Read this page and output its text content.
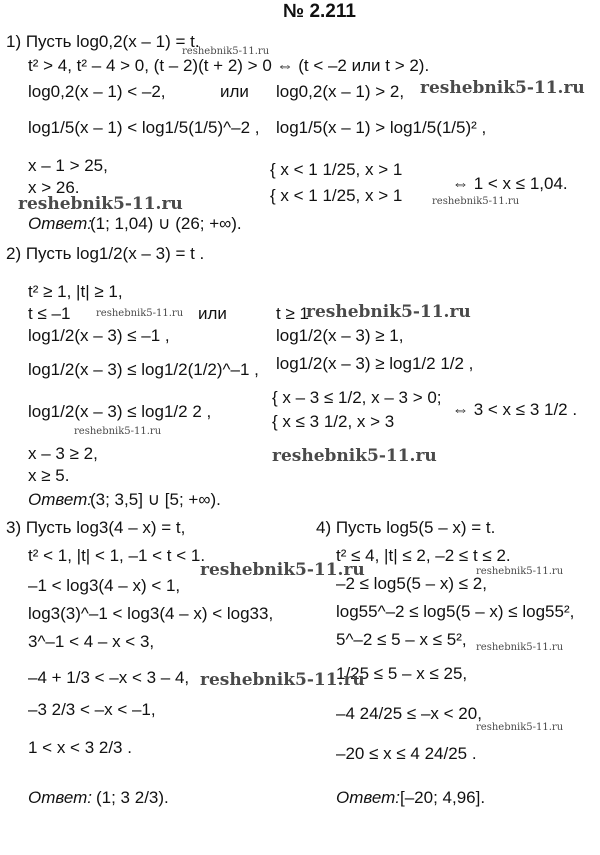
№ 2.211
1) Пусть log0,2(x – 1) = t.
t² > 4, t² – 4 > 0, (t – 2)(t + 2) > 0 ⇔ (t < –2 или t > 2).
log0,2(x – 1) < –2,	или log0,2(x – 1) > 2,
log1/5(x – 1) < log1/5(1/5)^–2 , log1/5(x – 1) > log1/5(1/5)² ,
x – 1 > 25,
x > 26.
{ x < 1 1/25, x > 1
{ x < 1 1/25, x > 1
⇔ 1 < x ≤ 1,04.
Ответ:
(1; 1,04) ∪ (26; +∞).
2) Пусть log1/2(x – 3) = t .
t² ≥ 1, |t| ≥ 1,
t ≤ –1	или	t ≥ 1
log1/2(x – 3) ≤ –1 ,	log1/2(x – 3) ≥ 1,
log1/2(x – 3) ≤ log1/2(1/2)^–1 , log1/2(x – 3) ≥ log1/2 1/2 ,
log1/2(x – 3) ≤ log1/2 2 ,
{ x – 3 ≤ 1/2, x – 3 > 0;
{ x ≤ 3 1/2, x > 3
⇔ 3 < x ≤ 3 1/2 .
x – 3 ≥ 2,
x ≥ 5.
Ответ:
(3; 3,5] ∪ [5; +∞).
3) Пусть log3(4 – x) = t,
t² < 1, |t| < 1, –1 < t < 1.
–1 < log3(4 – x) < 1,
log3(3)^–1 < log3(4 – x) < log33,
3^–1 < 4 – x < 3,
–4 + 1/3 < –x < 3 – 4,
–3 2/3 < –x < –1,
1 < x < 3 2/3 .
Ответ: (1; 3 2/3).
4) Пусть log5(5 – x) = t.
t² ≤ 4, |t| ≤ 2, –2 ≤ t ≤ 2.
–2 ≤ log5(5 – x) ≤ 2,
log55^–2 ≤ log5(5 – x) ≤ log55²,
5^–2 ≤ 5 – x ≤ 5²,
1/25 ≤ 5 – x ≤ 25,
–4 24/25 ≤ –x < 20,
–20 ≤ x ≤ 4 24/25 .
Ответ: [–20; 4,96].
reshebnik5-11.ru
reshebnik5-11.ru
reshebnik5-11.ru	reshebnik5-11.ru
reshebnik5-11.ru	reshebnik5-11.ru
reshebnik5-11.ru
reshebnik5-11.ru
reshebnik5-11.ru	reshebnik5-11.ru
reshebnik5-11.ru
reshebnik5-11.ru
reshebnik5-11.ru
